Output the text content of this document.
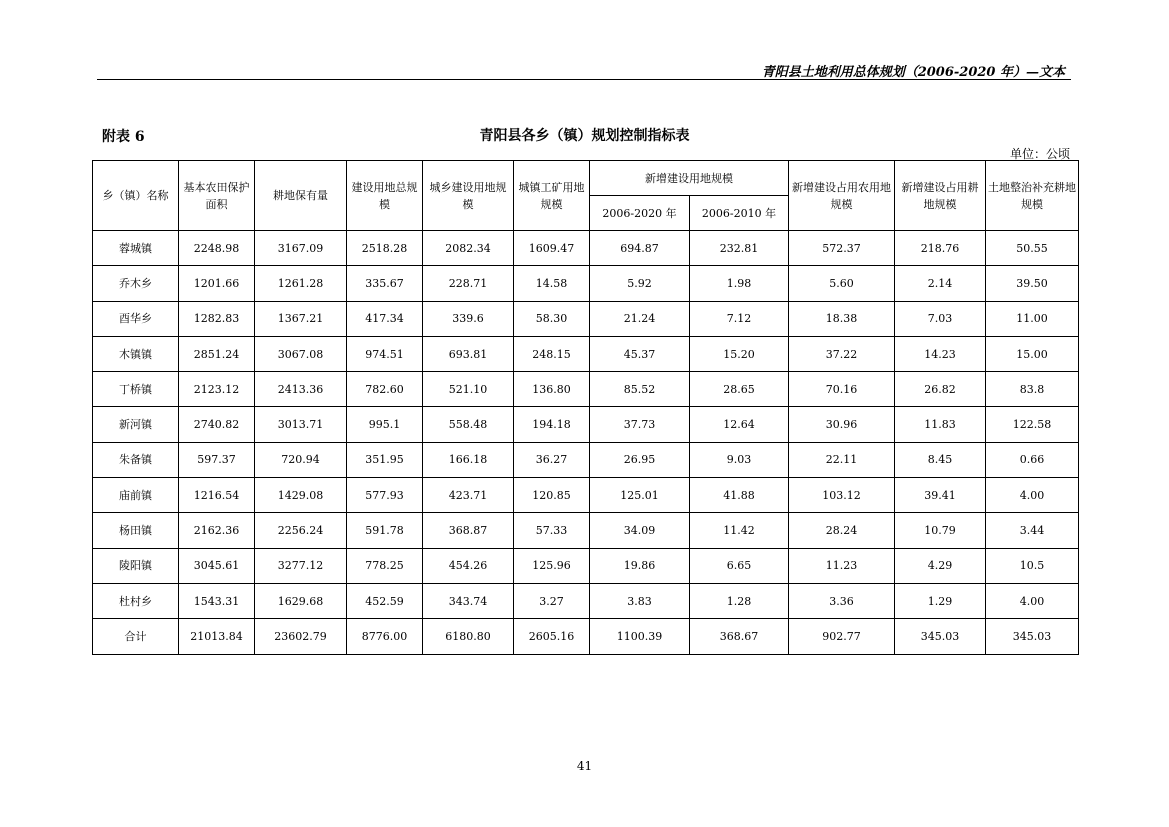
青阳县土地利用总体规划（2006-2020 年）—文本
附表 6	青阳县各乡（镇）规划控制指标表
单位：公顷
乡（镇）名称	基本农田保护面积	耕地保有量	建设用地总规模	城乡建设用地规模	城镇工矿用地规模	新增建设用地规模		新增建设占用农用地规模	新增建设占用耕地规模	土地整治补充耕地规模
						2006-2020 年	2006-2010 年			
蓉城镇	2248.98	3167.09	2518.28	2082.34	1609.47	694.87	232.81	572.37	218.76	50.55
乔木乡	1201.66	1261.28	335.67	228.71	14.58	5.92	1.98	5.60	2.14	39.50
酉华乡	1282.83	1367.21	417.34	339.6	58.30	21.24	7.12	18.38	7.03	11.00
木镇镇	2851.24	3067.08	974.51	693.81	248.15	45.37	15.20	37.22	14.23	15.00
丁桥镇	2123.12	2413.36	782.60	521.10	136.80	85.52	28.65	70.16	26.82	83.8
新河镇	2740.82	3013.71	995.1	558.48	194.18	37.73	12.64	30.96	11.83	122.58
朱备镇	597.37	720.94	351.95	166.18	36.27	26.95	9.03	22.11	8.45	0.66
庙前镇	1216.54	1429.08	577.93	423.71	120.85	125.01	41.88	103.12	39.41	4.00
杨田镇	2162.36	2256.24	591.78	368.87	57.33	34.09	11.42	28.24	10.79	3.44
陵阳镇	3045.61	3277.12	778.25	454.26	125.96	19.86	6.65	11.23	4.29	10.5
杜村乡	1543.31	1629.68	452.59	343.74	3.27	3.83	1.28	3.36	1.29	4.00
合计	21013.84	23602.79	8776.00	6180.80	2605.16	1100.39	368.67	902.77	345.03	345.03
41
